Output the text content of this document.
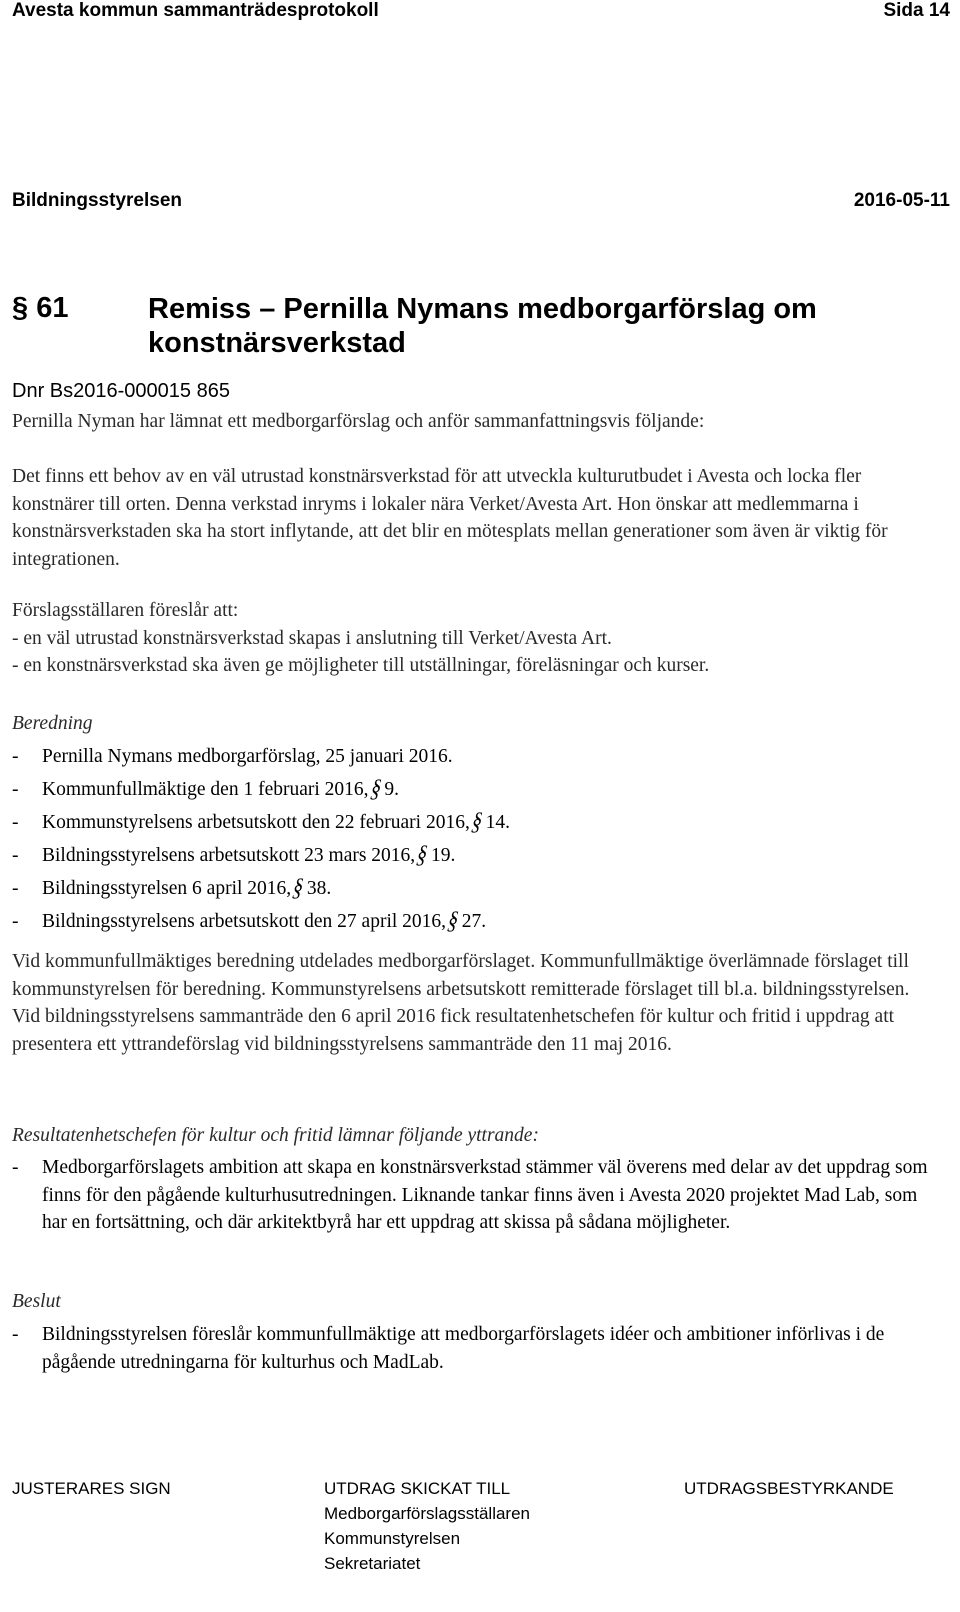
Avesta kommun sammanträdesprotokoll	Sida 14
Bildningsstyrelsen	2016-05-11
§ 61	Remiss – Pernilla Nymans medborgarförslag om konstnärsverkstad
Dnr Bs2016-000015 865
Pernilla Nyman har lämnat ett medborgarförslag och anför sammanfattningsvis följande:
Det finns ett behov av en väl utrustad konstnärsverkstad för att utveckla kulturutbudet i Avesta och locka fler konstnärer till orten. Denna verkstad inryms i lokaler nära Verket/Avesta Art. Hon önskar att medlemmarna i konstnärsverkstaden ska ha stort inflytande, att det blir en mötesplats mellan generationer som även är viktig för integrationen.
Förslagsställaren föreslår att:
- en väl utrustad konstnärsverkstad skapas i anslutning till Verket/Avesta Art.
- en konstnärsverkstad ska även ge möjligheter till utställningar, föreläsningar och kurser.
Beredning
- Pernilla Nymans medborgarförslag, 25 januari 2016.
- Kommunfullmäktige den 1 februari 2016,§ 9.
- Kommunstyrelsens arbetsutskott den 22 februari 2016,§ 14.
- Bildningsstyrelsens arbetsutskott 23 mars 2016,§ 19.
- Bildningsstyrelsen 6 april 2016,§ 38.
- Bildningsstyrelsens arbetsutskott den 27 april 2016,§ 27.
Vid kommunfullmäktiges beredning utdelades medborgarförslaget. Kommunfullmäktige överlämnade förslaget till kommunstyrelsen för beredning. Kommunstyrelsens arbetsutskott remitterade förslaget till bl.a. bildningsstyrelsen. Vid bildningsstyrelsens sammanträde den 6 april 2016 fick resultatenhetschefen för kultur och fritid i uppdrag att presentera ett yttrandeförslag vid bildningsstyrelsens sammanträde den 11 maj 2016.
Resultatenhetschefen för kultur och fritid lämnar följande yttrande:
- Medborgarförslagets ambition att skapa en konstnärsverkstad stämmer väl överens med delar av det uppdrag som finns för den pågående kulturhusutredningen. Liknande tankar finns även i Avesta 2020 projektet Mad Lab, som har en fortsättning, och där arkitektbyrå har ett uppdrag att skissa på sådana möjligheter.
Beslut
- Bildningsstyrelsen föreslår kommunfullmäktige att medborgarförslagets idéer och ambitioner införlivas i de pågående utredningarna för kulturhus och MadLab.
JUSTERARES SIGN	UTDRAG SKICKAT TILL
Medborgarförslagsställaren
Kommunstyrelsen
Sekretariatet
UTDRAGSBESTYRKANDE
